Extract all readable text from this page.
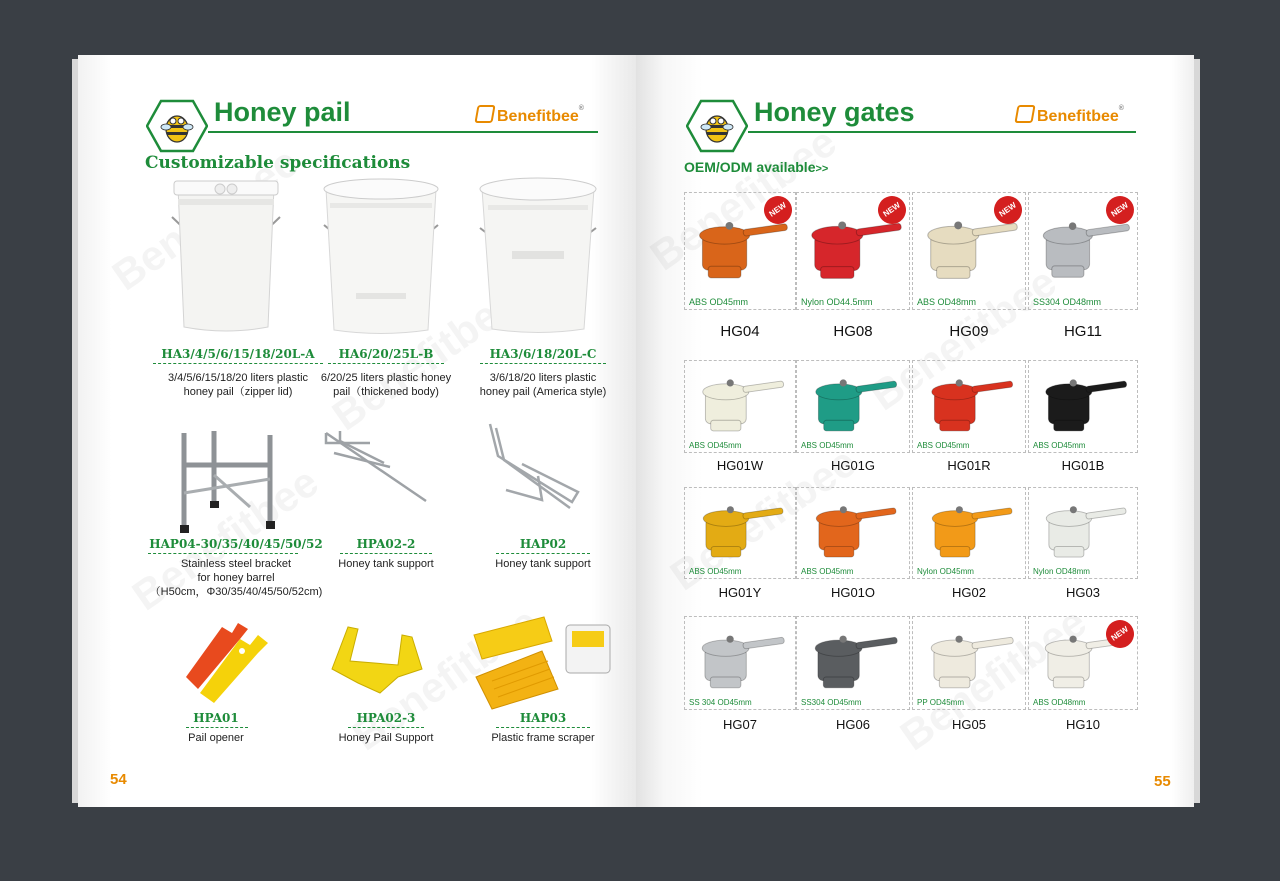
Honey pail	Benefitbee®
Customizable specifications
HA3/4/5/6/15/18/20L-A
3/4/5/6/15/18/20 liters plastic
honey pail（zipper lid)
HA6/20/25L-B
6/20/25 liters plastic honey
pail（thickened body)
HA3/6/18/20L-C
3/6/18/20 liters plastic
honey pail (America style)
HAP04-30/35/40/45/50/52
Stainless steel bracket
for honey barrel
（H50cm，Φ30/35/40/45/50/52cm)
HPA02-2
Honey tank support
HAP02
Honey tank support
HPA01
Pail opener
HPA02-3
Honey Pail Support
HAP03
Plastic frame scraper
54
Honey gates	Benefitbee®
OEM/ODM available>>
ABS OD45mm
NEW
HG04
Nylon OD44.5mm
NEW
HG08
ABS OD48mm
NEW
HG09
SS304 OD48mm
NEW
HG11
ABS OD45mm
HG01W
ABS OD45mm
HG01G
ABS OD45mm
HG01R
ABS OD45mm
HG01B
ABS OD45mm
HG01Y
ABS OD45mm
HG01O
Nylon OD45mm
HG02
Nylon OD48mm
HG03
SS 304 OD45mm
HG07
SS304 OD45mm
HG06
PP OD45mm
HG05
ABS OD48mm
NEW
HG10
55
